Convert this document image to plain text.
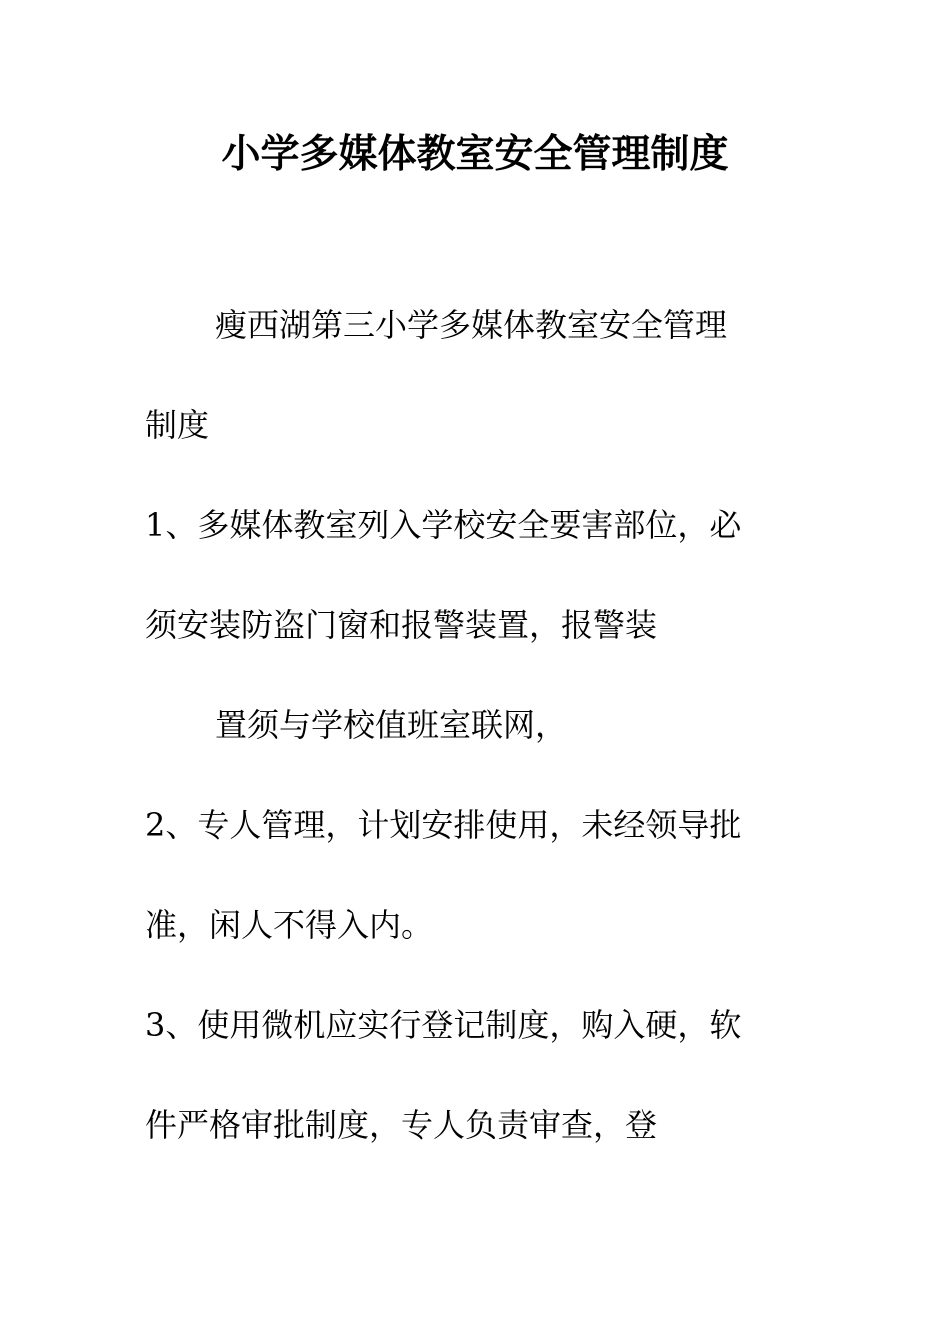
小学多媒体教室安全管理制度
瘦西湖第三小学多媒体教室安全管理
制度
1、多媒体教室列入学校安全要害部位，必
须安装防盗门窗和报警装置，报警装
置须与学校值班室联网，
2、专人管理，计划安排使用，未经领导批
准，闲人不得入内。
3、使用微机应实行登记制度，购入硬，软
件严格审批制度，专人负责审查，登
